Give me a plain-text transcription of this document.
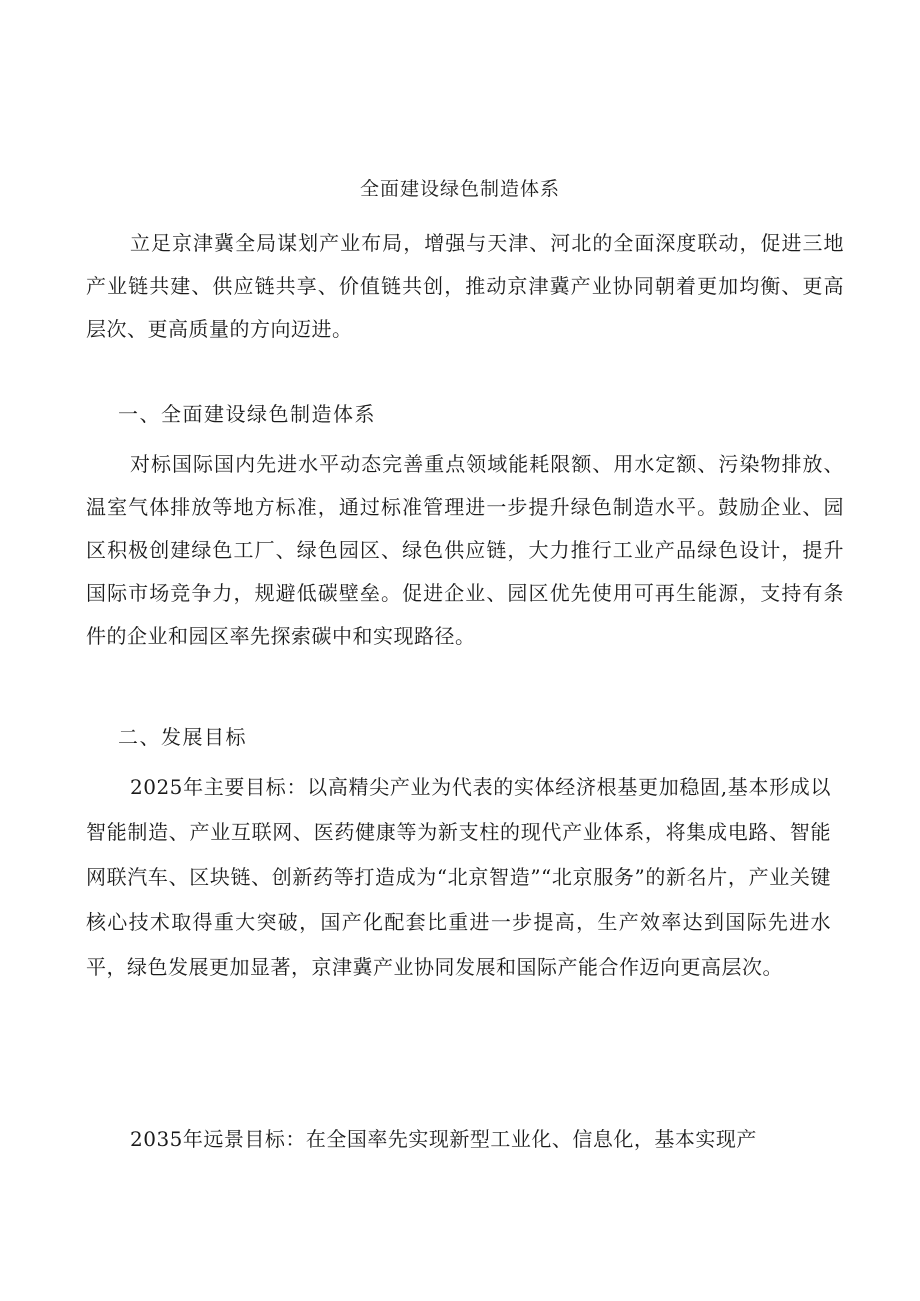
全面建设绿色制造体系
立足京津冀全局谋划产业布局，增强与天津、河北的全面深度联动，促进三地产业链共建、供应链共享、价值链共创，推动京津冀产业协同朝着更加均衡、更高层次、更高质量的方向迈进。
一、全面建设绿色制造体系
对标国际国内先进水平动态完善重点领域能耗限额、用水定额、污染物排放、温室气体排放等地方标准，通过标准管理进一步提升绿色制造水平。鼓励企业、园区积极创建绿色工厂、绿色园区、绿色供应链，大力推行工业产品绿色设计，提升国际市场竞争力，规避低碳壁垒。促进企业、园区优先使用可再生能源，支持有条件的企业和园区率先探索碳中和实现路径。
二、发展目标
2025年主要目标：以高精尖产业为代表的实体经济根基更加稳固,基本形成以智能制造、产业互联网、医药健康等为新支柱的现代产业体系，将集成电路、智能网联汽车、区块链、创新药等打造成为“北京智造”“北京服务”的新名片，产业关键核心技术取得重大突破，国产化配套比重进一步提高，生产效率达到国际先进水平，绿色发展更加显著，京津冀产业协同发展和国际产能合作迈向更高层次。
2035年远景目标：在全国率先实现新型工业化、信息化，基本实现产
